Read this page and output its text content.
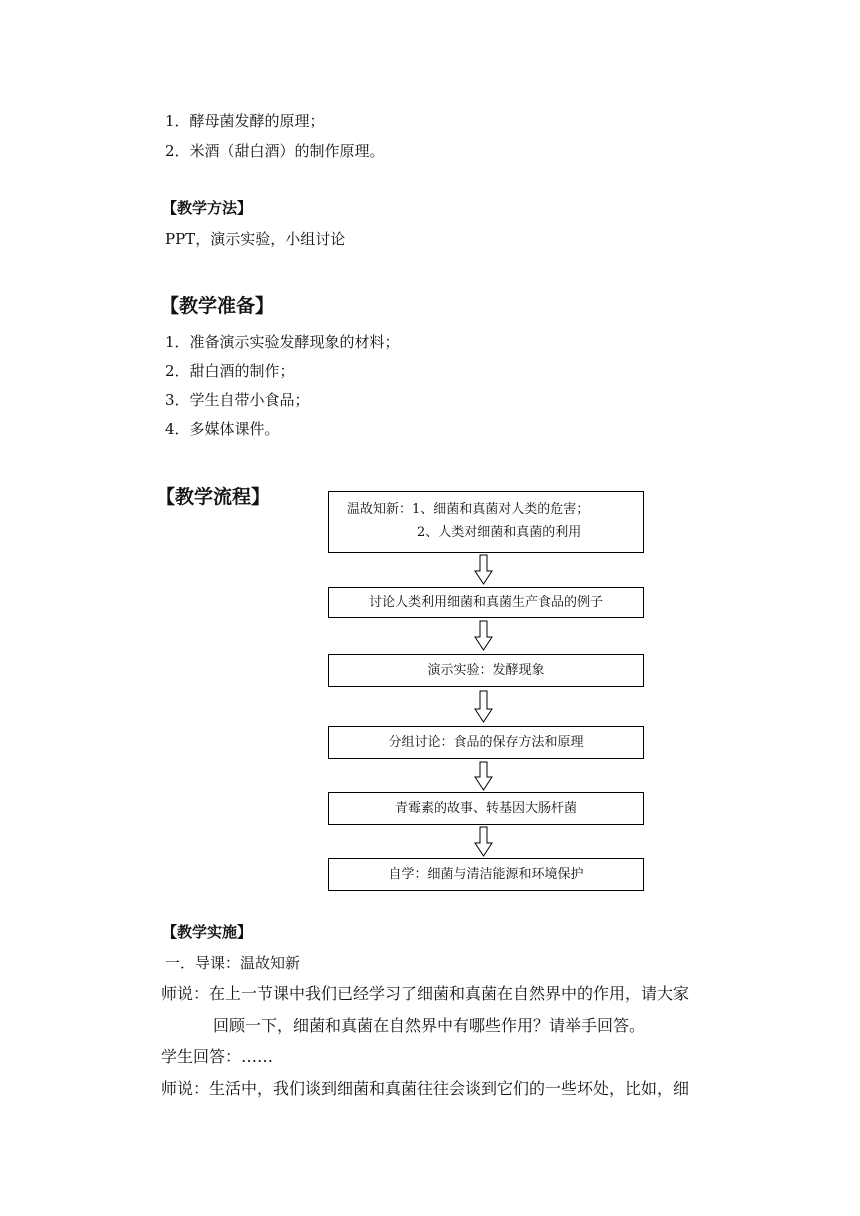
1．酵母菌发酵的原理；
2．米酒（甜白酒）的制作原理。
【教学方法】
PPT，演示实验，小组讨论
【教学准备】
1．准备演示实验发酵现象的材料；
2．甜白酒的制作；
3．学生自带小食品；
4．多媒体课件。
【教学流程】
温故知新：1、细菌和真菌对人类的危害；
2、人类对细菌和真菌的利用
讨论人类利用细菌和真菌生产食品的例子
演示实验：发酵现象
分组讨论：食品的保存方法和原理
青霉素的故事、转基因大肠杆菌
自学：细菌与清洁能源和环境保护
【教学实施】
一．导课：温故知新
师说：在上一节课中我们已经学习了细菌和真菌在自然界中的作用，请大家
回顾一下，细菌和真菌在自然界中有哪些作用？请举手回答。
学生回答：……
师说：生活中，我们谈到细菌和真菌往往会谈到它们的一些坏处，比如，细
